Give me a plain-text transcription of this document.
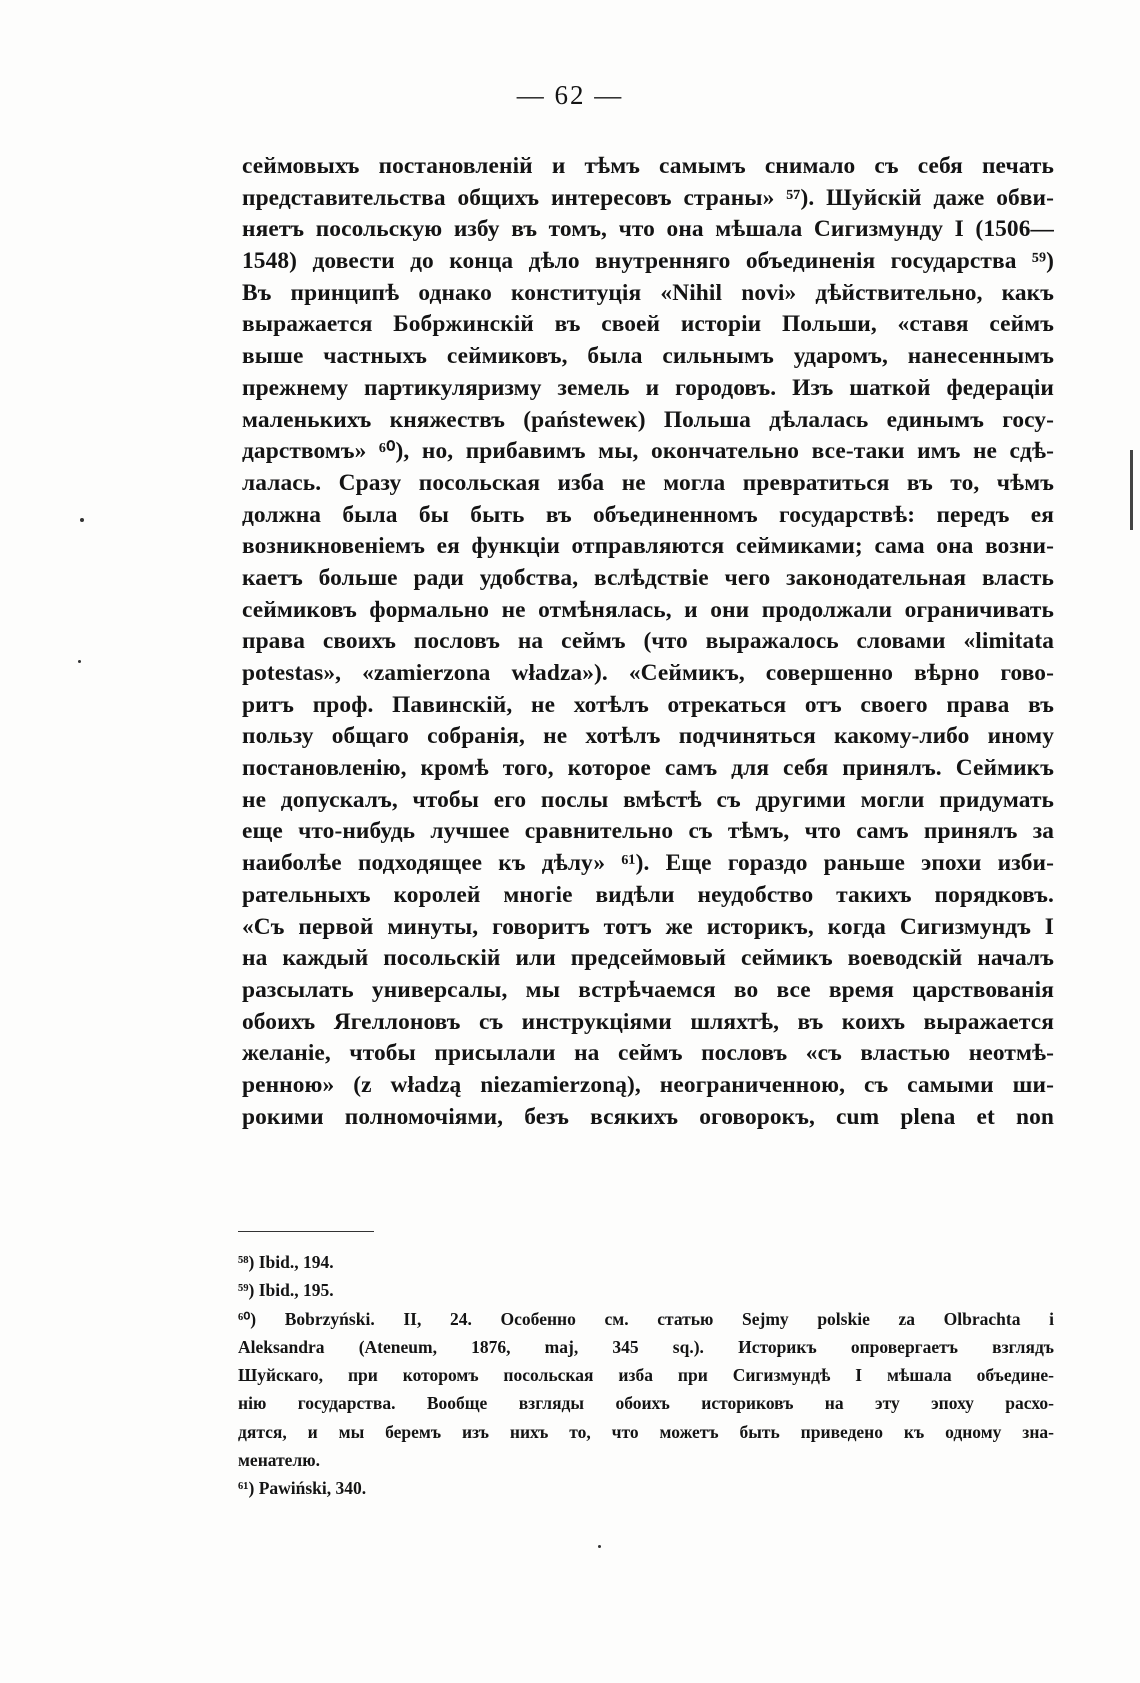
— 62 —
сеймовыхъ постановленій и тѣмъ самымъ снимало съ себя печать
представительства общихъ интересовъ страны» ⁵⁷). Шуйскій даже обви-
няетъ посольскую избу въ томъ, что она мѣшала Сигизмунду I (1506—
1548) довести до конца дѣло внутренняго объединенія государства ⁵⁹)
Въ принципѣ однако конституція «Nihil novi» дѣйствительно, какъ
выражается Бобржинскій въ своей исторіи Польши, «ставя сеймъ
выше частныхъ сеймиковъ, была сильнымъ ударомъ, нанесеннымъ
прежнему партикуляризму земель и городовъ. Изъ шаткой федераціи
маленькихъ княжествъ (państeweк) Польша дѣлалась единымъ госу-
дарствомъ» ⁶⁰), но, прибавимъ мы, окончательно все-таки имъ не сдѣ-
лалась. Сразу посольская изба не могла превратиться въ то, чѣмъ
должна была бы быть въ объединенномъ государствѣ: передъ ея
возникновеніемъ ея функціи отправляются сеймиками; сама она возни-
каетъ больше ради удобства, вслѣдствіе чего законодательная власть
сеймиковъ формально не отмѣнялась, и они продолжали ограничивать
права своихъ пословъ на сеймъ (что выражалось словами «limitata
potestas», «zamierzona władza»). «Сеймикъ, совершенно вѣрно гово-
ритъ проф. Павинскій, не хотѣлъ отрекаться отъ своего права въ
пользу общаго собранія, не хотѣлъ подчиняться какому-либо иному
постановленію, кромѣ того, которое самъ для себя принялъ. Сеймикъ
не допускалъ, чтобы его послы вмѣстѣ съ другими могли придумать
еще что-нибудь лучшее сравнительно съ тѣмъ, что самъ принялъ за
наиболѣе подходящее къ дѣлу» ⁶¹). Еще гораздо раньше эпохи изби-
рательныхъ королей многіе видѣли неудобство такихъ порядковъ.
«Съ первой минуты, говоритъ тотъ же историкъ, когда Сигизмундъ I
на каждый посольскій или предсеймовый сеймикъ воеводскій началъ
разсылать универсалы, мы встрѣчаемся во все время царствованія
обоихъ Ягеллоновъ съ инструкціями шляхтѣ, въ коихъ выражается
желаніе, чтобы присылали на сеймъ пословъ «съ властью неотмѣ-
ренною» (z władzą niezamierzoną), неограниченною, съ самыми ши-
рокими полномочіями, безъ всякихъ оговорокъ, cum plena et non
⁵⁸) Ibid., 194.
⁵⁹) Ibid., 195.
⁶⁰) Bobrzyński. II, 24. Особенно см. статью Sejmy polskie za Olbrachta i
Aleksandra (Ateneum, 1876, maj, 345 sq.). Историкъ опровергаетъ взглядъ
Шуйскаго, при которомъ посольская изба при Сигизмундѣ I мѣшала объедине-
нію государства. Вообще взгляды обоихъ историковъ на эту эпоху расхо-
дятся, и мы беремъ изъ нихъ то, что можетъ быть приведено къ одному зна-
менателю.
⁶¹) Pawiński, 340.
